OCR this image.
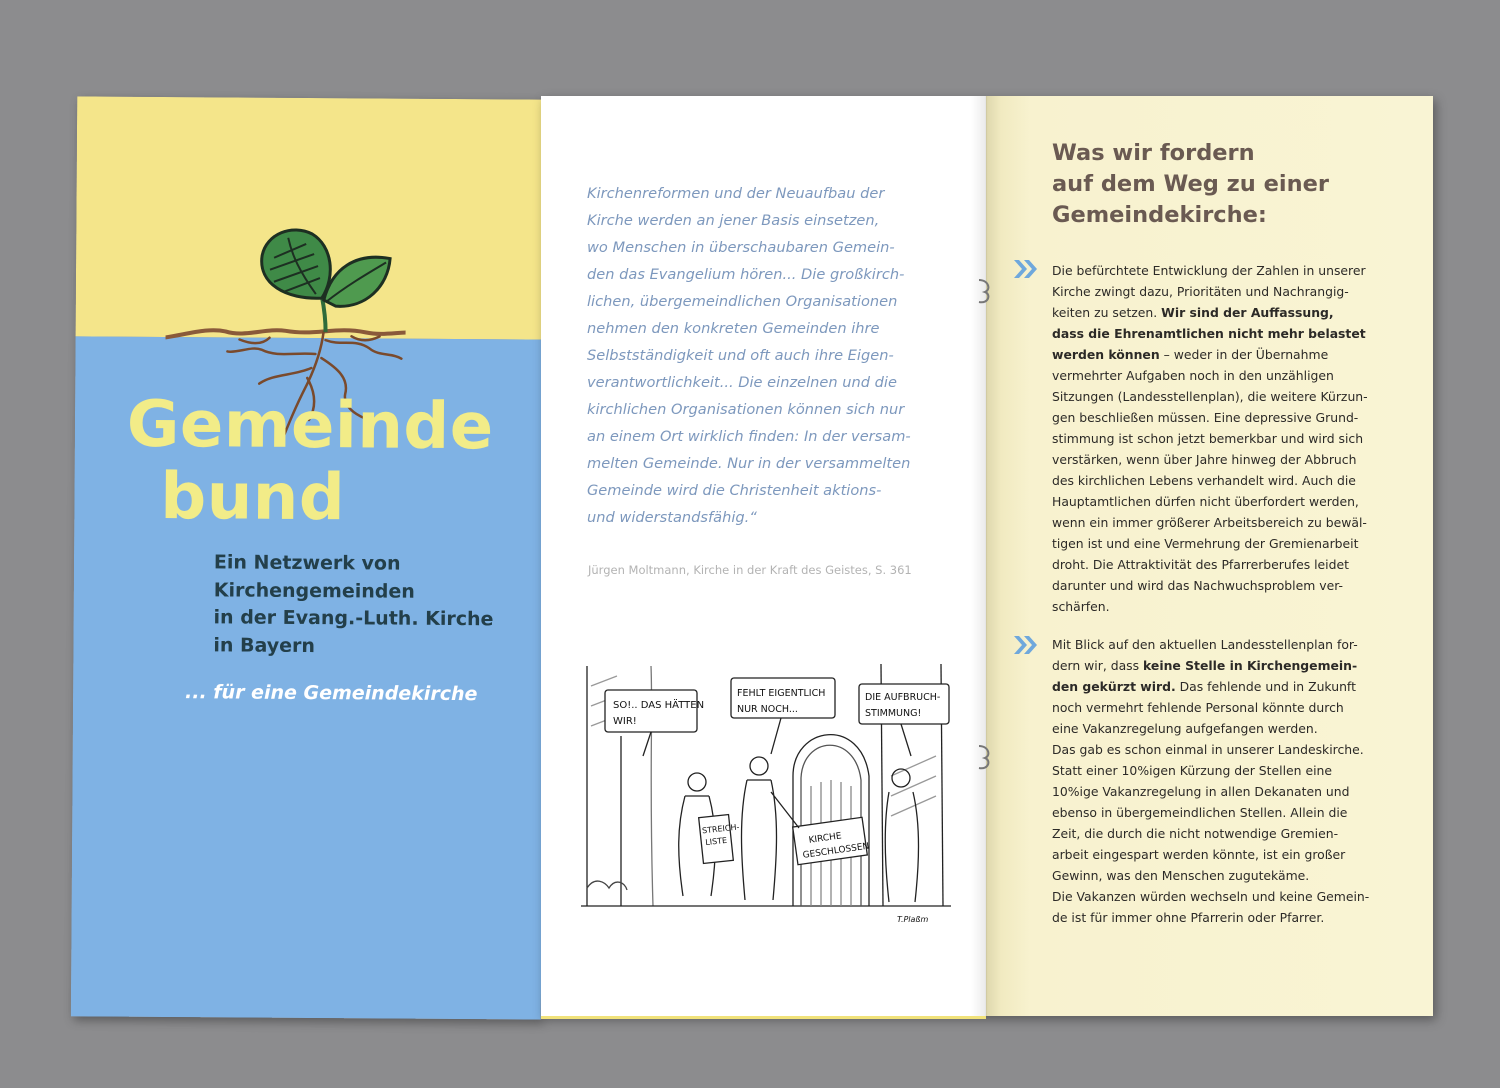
Gemeinde
bund

Ein Netzwerk von
Kirchengemeinden
in der Evang.-Luth. Kirche
in Bayern

... für eine Gemeindekirche

Kirchenreformen und der Neuaufbau der
Kirche werden an jener Basis einsetzen,
wo Menschen in überschaubaren Gemein-
den das Evangelium hören... Die großkirch-
lichen, übergemeindlichen Organisationen
nehmen den konkreten Gemeinden ihre
Selbstständigkeit und oft auch ihre Eigen-
verantwortlichkeit... Die einzelnen und die
kirchlichen Organisationen können sich nur
an einem Ort wirklich finden: In der versam-
melten Gemeinde. Nur in der versammelten
Gemeinde wird die Christenheit aktions-
und widerstandsfähig.“

Jürgen Moltmann, Kirche in der Kraft des Geistes, S. 361

SO!.. DAS HÄTTEN
WIR!
FEHLT EIGENTLICH
NUR NOCH...
DIE AUFBRUCH-
STIMMUNG!
KIRCHE
GESCHLOSSEN
STREICH-
LISTE
T.Plaßm
Was wir fordern
auf dem Weg zu einer
Gemeindekirche:

Die befürchtete Entwicklung der Zahlen in unserer
Kirche zwingt dazu, Prioritäten und Nachrangig-
keiten zu setzen. Wir sind der Auffassung,
dass die Ehrenamtlichen nicht mehr belastet
werden können – weder in der Übernahme
vermehrter Aufgaben noch in den unzähligen
Sitzungen (Landesstellenplan), die weitere Kürzun-
gen beschließen müssen. Eine depressive Grund-
stimmung ist schon jetzt bemerkbar und wird sich
verstärken, wenn über Jahre hinweg der Abbruch
des kirchlichen Lebens verhandelt wird. Auch die
Hauptamtlichen dürfen nicht überfordert werden,
wenn ein immer größerer Arbeitsbereich zu bewäl-
tigen ist und eine Vermehrung der Gremienarbeit
droht. Die Attraktivität des Pfarrerberufes leidet
darunter und wird das Nachwuchsproblem ver-
schärfen.

Mit Blick auf den aktuellen Landesstellenplan for-
dern wir, dass keine Stelle in Kirchengemein-
den gekürzt wird. Das fehlende und in Zukunft
noch vermehrt fehlende Personal könnte durch
eine Vakanzregelung aufgefangen werden.
Das gab es schon einmal in unserer Landeskirche.
Statt einer 10%igen Kürzung der Stellen eine
10%ige Vakanzregelung in allen Dekanaten und
ebenso in übergemeindlichen Stellen. Allein die
Zeit, die durch die nicht notwendige Gremien-
arbeit eingespart werden könnte, ist ein großer
Gewinn, was den Menschen zugutekäme.
Die Vakanzen würden wechseln und keine Gemein-
de ist für immer ohne Pfarrerin oder Pfarrer.
